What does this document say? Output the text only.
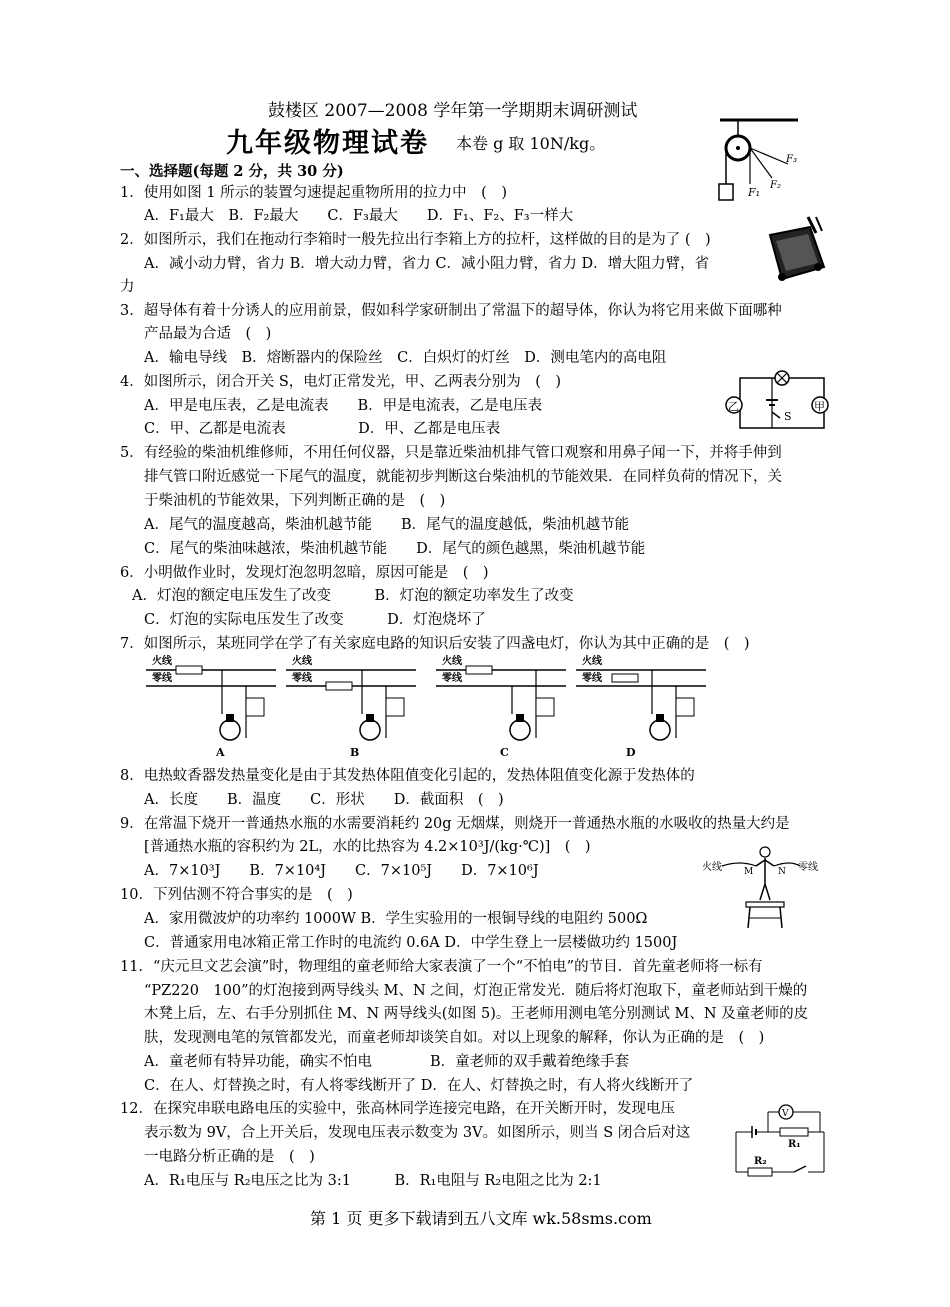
鼓楼区 2007—2008 学年第一学期期末调研测试
九年级物理试卷 本卷 g 取 10N/kg。
一、选择题(每题 2 分，共 30 分)
1．使用如图 1 所示的装置匀速提起重物所用的拉力中　(　)
A．F₁最大　B．F₂最大　　C．F₃最大　　D．F₁、F₂、F₃一样大
2．如图所示，我们在拖动行李箱时一般先拉出行李箱上方的拉杆，这样做的目的是为了 (　)
A．减小动力臂，省力 B．增大动力臂，省力 C．减小阻力臂，省力 D．增大阻力臂，省
力
3．超导体有着十分诱人的应用前景，假如科学家研制出了常温下的超导体，你认为将它用来做下面哪种
产品最为合适　(　)
A．输电导线　B．熔断器内的保险丝　C．白炽灯的灯丝　D．测电笔内的高电阻
4．如图所示，闭合开关 S，电灯正常发光，甲、乙两表分别为　(　)
A．甲是电压表，乙是电流表　　B．甲是电流表，乙是电压表
C．甲、乙都是电流表　　　　　D．甲、乙都是电压表
5．有经验的柴油机维修师，不用任何仪器，只是靠近柴油机排气管口观察和用鼻子闻一下，并将手伸到
排气管口附近感觉一下尾气的温度，就能初步判断这台柴油机的节能效果．在同样负荷的情况下，关
于柴油机的节能效果，下列判断正确的是　(　)
A．尾气的温度越高，柴油机越节能　　B．尾气的温度越低，柴油机越节能
C．尾气的柴油味越浓，柴油机越节能　　D．尾气的颜色越黑，柴油机越节能
6．小明做作业时，发现灯泡忽明忽暗，原因可能是　(　)
A．灯泡的额定电压发生了改变　　　B．灯泡的额定功率发生了改变
C．灯泡的实际电压发生了改变　　　D．灯泡烧坏了
7．如图所示，某班同学在学了有关家庭电路的知识后安装了四盏电灯，你认为其中正确的是　(　)
8．电热蚊香器发热量变化是由于其发热体阻值变化引起的，发热体阻值变化源于发热体的
A．长度　　B．温度　　C．形状　　D．截面积　(　)
9．在常温下烧开一普通热水瓶的水需要消耗约 20g 无烟煤，则烧开一普通热水瓶的水吸收的热量大约是
[普通热水瓶的容积约为 2L，水的比热容为 4.2×10³J/(kg·℃)]　(　)
A．7×10³J　　B．7×10⁴J　　C．7×10⁵J　　D．7×10⁶J
10．下列估测不符合事实的是　(　)
A．家用微波炉的功率约 1000W B．学生实验用的一根铜导线的电阻约 500Ω
C．普通家用电冰箱正常工作时的电流约 0.6A D．中学生登上一层楼做功约 1500J
11．“庆元旦文艺会演”时，物理组的童老师给大家表演了一个“不怕电”的节目．首先童老师将一标有
“PZ220　100”的灯泡接到两导线头 M、N 之间，灯泡正常发光．随后将灯泡取下，童老师站到干燥的
木凳上后，左、右手分别抓住 M、N 两导线头(如图 5)。王老师用测电笔分别测试 M、N 及童老师的皮
肤，发现测电笔的氖管都发光，而童老师却谈笑自如。对以上现象的解释，你认为正确的是　(　)
A．童老师有特异功能，确实不怕电　　　　B．童老师的双手戴着绝缘手套
C．在人、灯替换之时，有人将零线断开了 D．在人、灯替换之时，有人将火线断开了
12．在探究串联电路电压的实验中，张高林同学连接完电路，在开关断开时，发现电压
表示数为 9V，合上开关后，发现电压表示数变为 3V。如图所示，则当 S 闭合后对这
一电路分析正确的是　(　)
A．R₁电压与 R₂电压之比为 3:1　　　B．R₁电阻与 R₂电阻之比为 2:1
第 1 页 更多下载请到五八文库 wk.58sms.com
F₁
F₂
F₃
乙	甲
S
火线
零线
A
火线
零线
B
火线
零线
C
火线
零线
D
火线	零线
M	N
V
R₁
R₂
